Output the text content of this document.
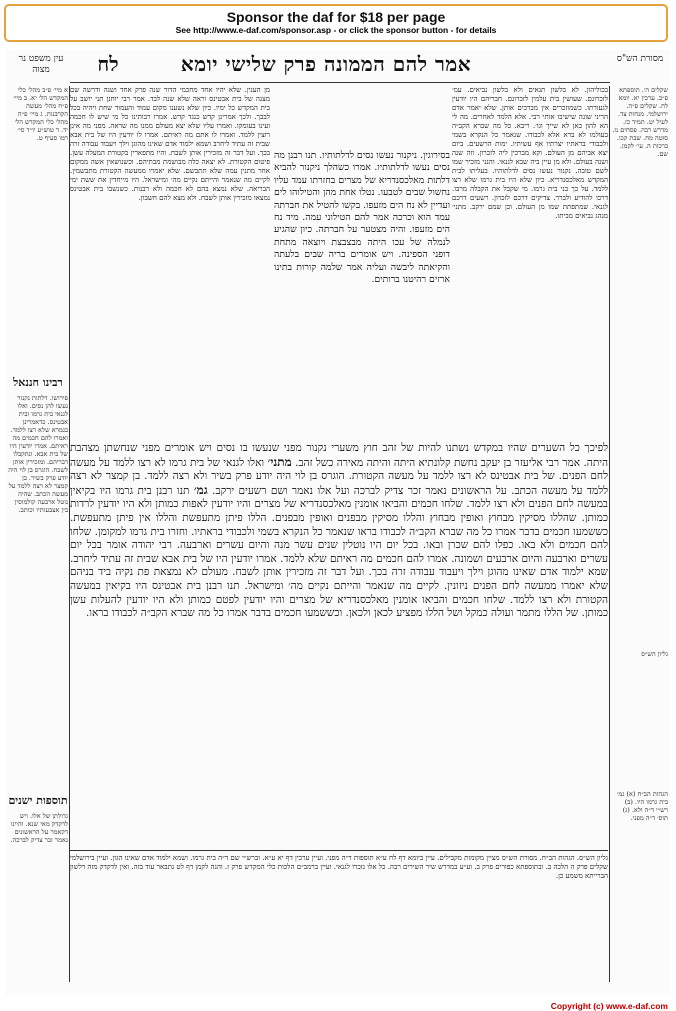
Sponsor the daf for $18 per page
See http://www.e-daf.com/sponsor.asp - or click the sponsor button - for details
מסורת הש"ס
אמר להם הממונה פרק שלישי יומא
לח
עין משפט נר מצוה
שקלים ה׳. תוספתא פ״ב. ערכין יא. יומא לח. שקלים פ״ה. ירושלמי. מנחות צד. לעיל יט. תמיד כז. מדרש רבה. פסחים נז. סוטה מח. שבת קכו. ברכות ה. עי׳ לקמן. שם.
גליון הש״ס
הגהות הב״ח (א) גמ׳ בית גרמו היו. (ב) רש״י ד״ה ולא. (ג) תוס׳ ד״ה מפני.

בכוליהון. לא בלשון תנאים ולא בלשון נביאים. עמ׳ לזכרונם. שעושין בית עלמין לזכרונם. חבריהם היו יודעין לגעורתו. כשמוזכרים אין מברכים אותן. שלא יאמר אדם הריני שונה שישיבו אותי רבי. אלא הלמד לאחרים. מה לי הא להון כאן לא שייך וגו׳. ריבא. כל מה שברא הקב״ה בעולמו לא ברא אלא לכבודו. שנאמר כל הנקרא בשמי ולכבודי בראתיו יצרתיו אף עשיתיו. ימות הרשעים. ביום יצא אביהם מן העולם. וקא מברכין ליה לזכרון. וזה שנה ושנה בעולם. ולא מן עיין ביה שבא לגנאי. והנני מזכיר שמו לשם טובה. נקנור נעשו נסים לדלתותיו. בעליתו לבית המקדש מאלכסנדריא. כיון שלא היו בית גרמו שלא רצו ללמד. על כך בני בית גרמו. מי שקבל את הקבלה מרבו. דרכו להודיע ולברר. צדיקים דרכם לזכרון. רשעים דרכם לגנאי. שמתפתת שמו מן העולם. וכן שמם ירקב. מתני׳ מנהג נביאים מביתו.

בסירוגין. ניקנור נעשו נסים לדלתותיו. תנו רבנן מה נסים נעשו לדלתותיו. אמרו כשהלך ניקנור להביא דלתות מאלכסנדריא של מצרים בחזרתו עמד עליו נחשול שבים לטבעו. נטלו אחת מהן והטילוהו לים ועדיין לא נח הים מזעפו. בקשו להטיל את חברתה עמד הוא וכרכה אמר להם הטילוני עמה. מיד נח הים מזעפו. והיה מצטער על חברתה. כיון שהגיע לנמלה של עכו היתה מבצבצת ויוצאה מתחת דופני הספינה. ויש אומרים בריה שבים בלעתה והקיאתה ליבשה ועליה אמר שלמה קורות בתינו ארזים רהיטנו ברותים.

מן הענין. שלא יהיו אחד מחכמי הדור שנה פרק אחד ושנה ודרשה שם מצנה של בית אבטינס וראה שלא שנה לבד. אמר רבי יוחנן תני יושב על בית המקדש כל ימיו. כיון שלא נשענו מקום עמוד והעמוד שחת ויהיה בכל לבבך. ולכך אמרינן קדש כנגד קדש. אמרו רבותינו כל מי שיש לו חכמה ועינו בעומקו. ואמרו עליו שלא יצא מעולם ממנו מה שראה. מפני מה אינן רוצין ללמד. ואמרו לו אתם מה ראיתם. אמרו לו יודעין היו של בית אבא שבית זה עתיד ליחרב ושמא ילמוד אדם שאינו מהוגן וילך ויעבוד עבודה זרה בכך. ועל דבר זה מזכירין אותן לשבח. והיו מתפארין בקטורת המעלה עשן. פיטום הקטורת. לא יצאה כלה מבושמת מבתיהם. וכשנושאין אשה ממקום אחר מתנין עמה שלא תתבשם. שלא יאמרו ממעשה הקטורת מתבשמין. לקיים מה שנאמר והייתם נקיים מה׳ ומישראל. היו מייחדין את ששת ימי הבריאה. שלא נמצא בהם לא חכמה ולא רבנות. כשנשבו בית אבטינס נמצאו מזכירין אותן לשבח. ולא מצא להם חשבון.

לפיכך כל השערים שהיו במקדש נשתנו להיות של זהב חוץ משערי נקנור מפני שנעשו בו נסים ויש אומרים מפני שנחשתן מצהבת היתה. אמר רבי אליעזר בן יעקב נחשת קלונתיא היתה והיתה מאירה כשל זהב. מתני׳ ואלו לגנאי של בית גרמו לא רצו ללמד על מעשה לחם הפנים. של בית אבטינס לא רצו ללמד על מעשה הקטורת. הוגרס בן לוי היה יודע פרק בשיר ולא רצה ללמד. בן קמצר לא רצה ללמד על מעשה הכתב. על הראשונים נאמר זכר צדיק לברכה ועל אלו נאמר ושם רשעים ירקב. גמ׳ תנו רבנן בית גרמו היו בקיאין במעשה לחם הפנים ולא רצו ללמד. שלחו חכמים והביאו אומנין מאלכסנדריא של מצרים והיו יודעין לאפות כמותן ולא היו יודעין לרדות כמותן. שהללו מסיקין מבחוץ ואופין מבחוץ והללו מסיקין מבפנים ואופין מבפנים. הללו פיתן מתעפשת והללו אין פיתן מתעפשת. כששמעו חכמים בדבר אמרו כל מה שברא הקב״ה לכבודו בראו שנאמר כל הנקרא בשמי ולכבודי בראתיו. וחזרו בית גרמו למקומן. שלחו להם חכמים ולא באו. כפלו להם שכרן ובאו. בכל יום היו נוטלין שנים עשר מנה והיום עשרים וארבעה. רבי יהודה אומר בכל יום עשרים וארבעה והיום ארבעים ושמונה. אמרו להם חכמים מה ראיתם שלא ללמד. אמרו יודעין היו של בית אבא שבית זה עתיד ליחרב. שמא ילמוד אדם שאינו מהוגן וילך ויעבוד עבודה זרה בכך. ועל דבר זה מזכירין אותן לשבח. מעולם לא נמצאת פת נקיה ביד בניהם שלא יאמרו ממעשה לחם הפנים ניזונין. לקיים מה שנאמר והייתם נקיים מה׳ ומישראל. תנו רבנן בית אבטינס היו בקיאין במעשה הקטורת ולא רצו ללמד. שלחו חכמים והביאו אומנין מאלכסנדריא של מצרים והיו יודעין לפטם כמותן ולא היו יודעין להעלות עשן כמותן. של הללו מתמר ועולה כמקל ושל הללו מפציע לכאן ולכאן. וכששמעו חכמים בדבר אמרו כל מה שברא הקב״ה לכבודו בראו.

גליון הש״ס. הגהות הב״ח. מסורת הש״ס מציין מקומות מקבילים. עיין ביומא דף לח ע״א תוספות ד״ה מפני. ועיין ערכין דף יא ע״א. וברש״י שם ד״ה בית גרמו. ושמא ילמוד אדם שאינו הגון. ועיין בירושלמי שקלים פרק ה הלכה ב. ובתוספתא כפורים פרק ב. וע״ע במדרש שיר השירים רבה. כל אלו נזכרו לגנאי. ועיין ברמב״ם הלכות כלי המקדש פרק ז. והנה לקמן דף לט נתבאר עוד בזה. ואין לדקדק מזה דלשון הברייתא משמע כן.

א מיי׳ פ״ב מהל׳ כלי המקדש הל׳ יא. ב מיי׳ פ״ח מהל׳ מעשה הקרבנות. ג מיי׳ פ״ה מהל׳ כלי המקדש הל׳ יד. ד טוש״ע יו״ד סי׳ רמו סעיף ט.
רבינו חננאל
פירושו. דלתות נקנור נעשו להן נסים. ואלו לגנאי בית גרמו ובית אבטינס. כדאמרינן בגמרא שלא רצו ללמד. ואמרו להם חכמים מה ראיתם. אמרו יודעין היו של בית אבא. ונתקבלו דבריהם. ומזכירין אותן לשבח. הוגרס בן לוי היה יודע פרק בשיר. בן קמצר לא רצה ללמד על מעשה הכתב. שהיה נוטל ארבעה קולמוסין בין אצבעותיו וכותב.
תוספות ישנים
גדולתן של אלו. ויש לדקדק מאי שנא. והיינו דקאמר על הראשונים נאמר זכר צדיק לברכה.
Copyright (c) www.e-daf.com
